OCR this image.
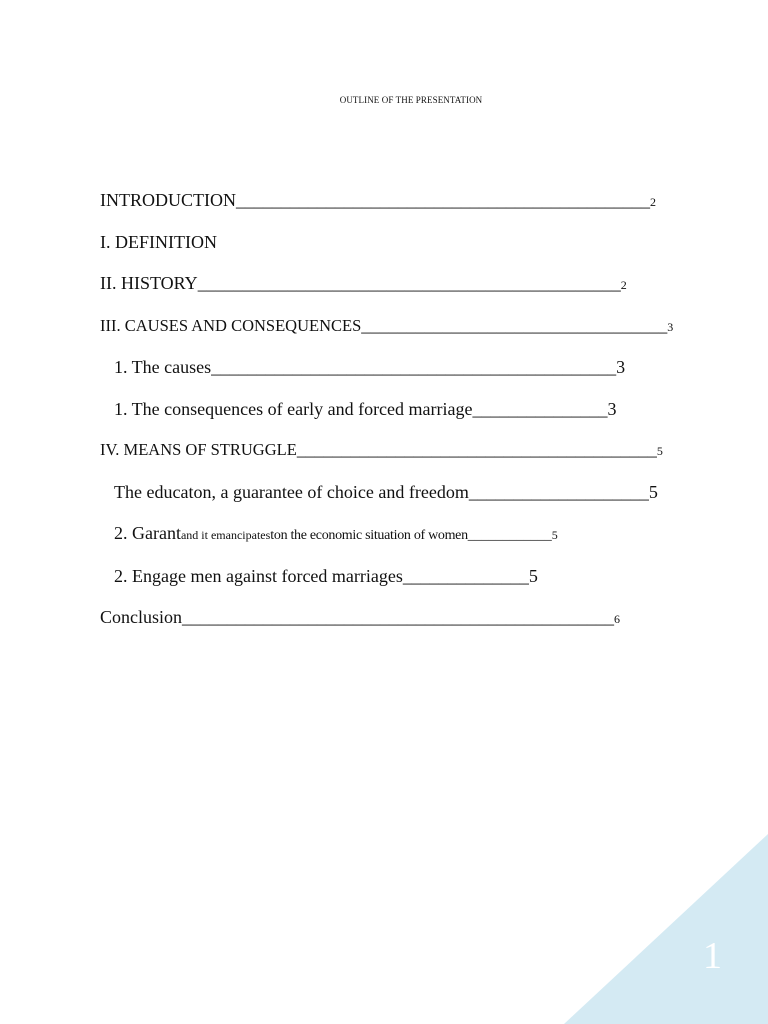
OUTLINE OF THE PRESENTATION
INTRODUCTION______________________________________________2
I. DEFINITION
II. HISTORY_______________________________________________2
III. CAUSES AND CONSEQUENCES__________________________________3
1. The causes_____________________________________________3
1. The consequences of early and forced marriage_______________3
IV. MEANS OF STRUGGLE________________________________________5
The educaton, a guarantee of choice and freedom____________________5
2. Garantand it emancipateston the economic situation of women____________5
2. Engage men against forced marriages______________5
Conclusion________________________________________________6
1
